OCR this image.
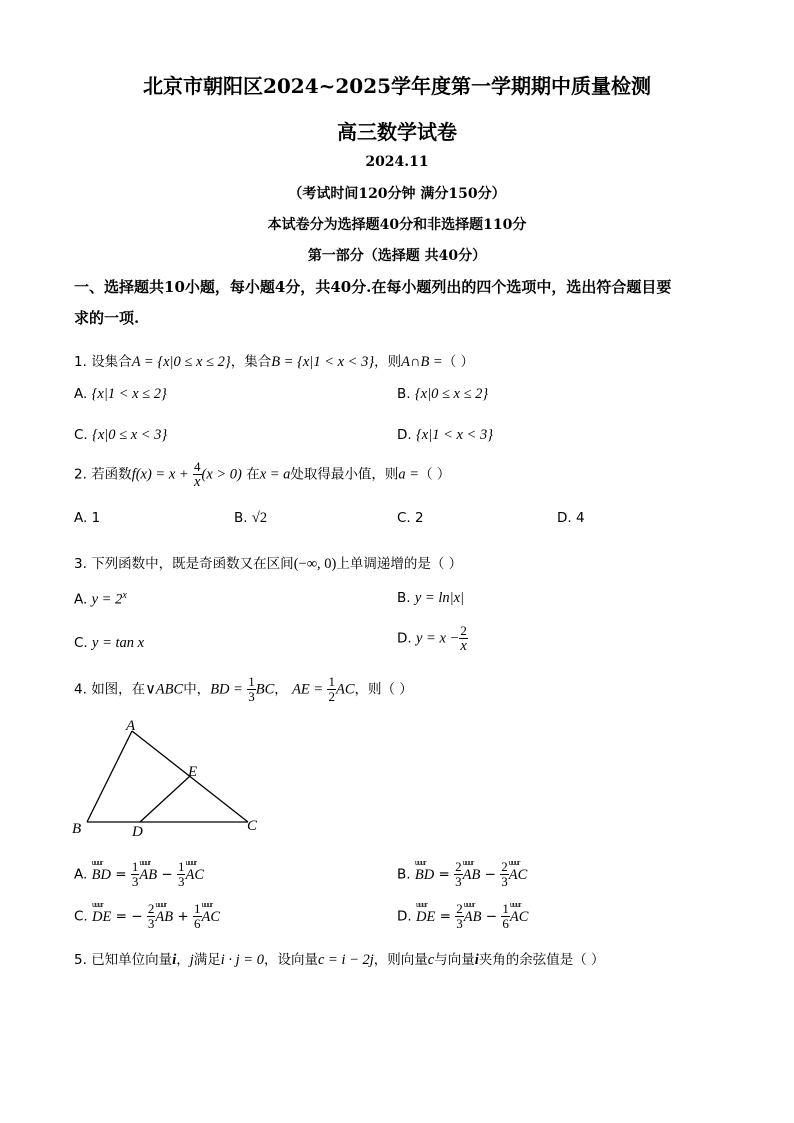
北京市朝阳区2024~2025学年度第一学期期中质量检测
高三数学试卷
2024.11
（考试时间120分钟 满分150分）
本试卷分为选择题40分和非选择题110分
第一部分（选择题 共40分）
一、选择题共10小题，每小题4分，共40分.在每小题列出的四个选项中，选出符合题目要
求的一项.
1. 设集合A = {x|0 ≤ x ≤ 2}，集合B = {x|1 < x < 3}，则A∩B =（ ）
A. {x|1 < x ≤ 2}	B. {x|0 ≤ x ≤ 2}
C. {x|0 ≤ x < 3}	D. {x|1 < x < 3}
2. 若函数$f(x) = x + \frac{4}{x} (x > 0)$ 在x = a处取得最小值，则a =（ ）
A. 1	B. √2	C. 2	D. 4
3. 下列函数中，既是奇函数又在区间(−∞, 0)上单调递增的是（ ）
A. $y = 2^x$	B. y = ln|x|
C. y = tan x	D. $y = x - \frac{2}{x}$
4. 如图，在∨ABC中，BD = $\frac{1}{3}$ BC， AE = $\frac{1}{2}$ AC，则（ ）
A
B	C
D
E
A.
uuur
BD = $\frac{1}{3}$ uuur
AB − $\frac{1}{3}$ uuur
AC	B.
uuur
BD = $\frac{2}{3}$ uuur
AB − $\frac{2}{3}$ uuur
AC
C.
uuur
DE = − $\frac{2}{3}$ uuur
AB + $\frac{1}{6}$ uuur
AC	D.
uuur
DE = $\frac{2}{3}$ uuur
AB − $\frac{1}{6}$ uuur
AC
5. 已知单位向量i，j满足i · j = 0，设向量c = i − 2j，则向量c与向量i夹角的余弦值是（ ）
